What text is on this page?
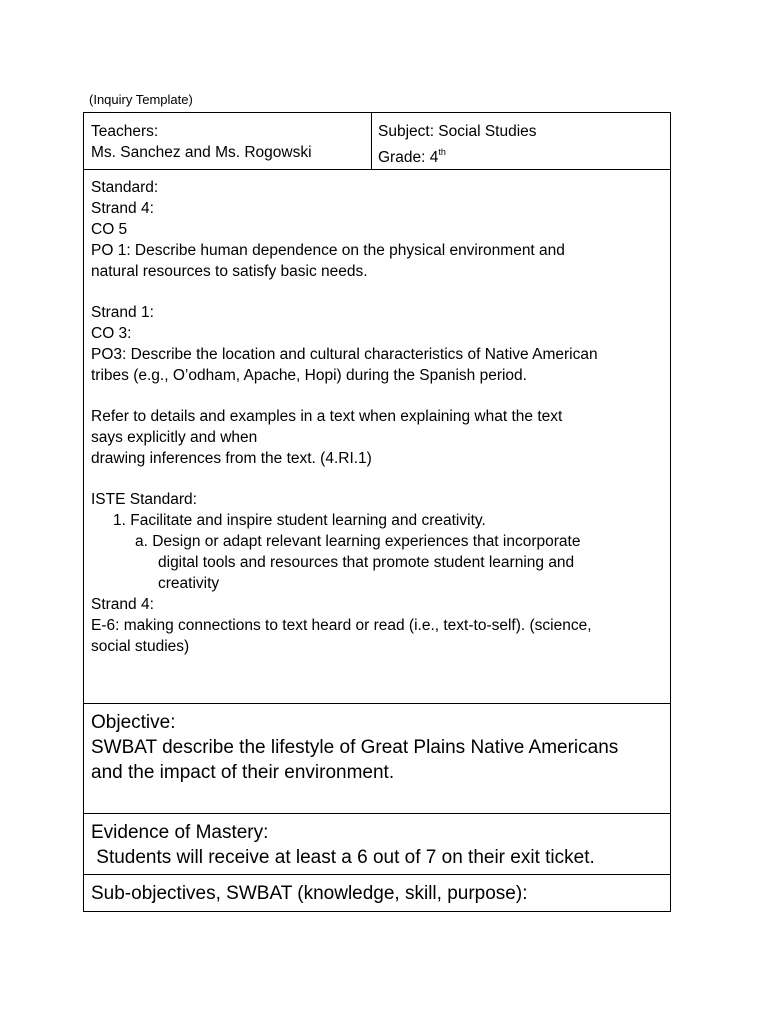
(Inquiry Template)
Teachers:
Ms. Sanchez and Ms. Rogowski
Subject: Social Studies
Grade: 4th
Standard:
Strand 4:
CO 5
PO 1: Describe human dependence on the physical environment and
natural resources to satisfy basic needs.
Strand 1:
CO 3:
PO3: Describe the location and cultural characteristics of Native American
tribes (e.g., O’odham, Apache, Hopi) during the Spanish period.
Refer to details and examples in a text when explaining what the text
says explicitly and when
drawing inferences from the text. (4.RI.1)
ISTE Standard:
1. Facilitate and inspire student learning and creativity.
a. Design or adapt relevant learning experiences that incorporate
digital tools and resources that promote student learning and
creativity
Strand 4:
E-6: making connections to text heard or read (i.e., text-to-self). (science,
social studies)
Objective:
SWBAT describe the lifestyle of Great Plains Native Americans
and the impact of their environment.
Evidence of Mastery:
Students will receive at least a 6 out of 7 on their exit ticket.
Sub-objectives, SWBAT (knowledge, skill, purpose):
